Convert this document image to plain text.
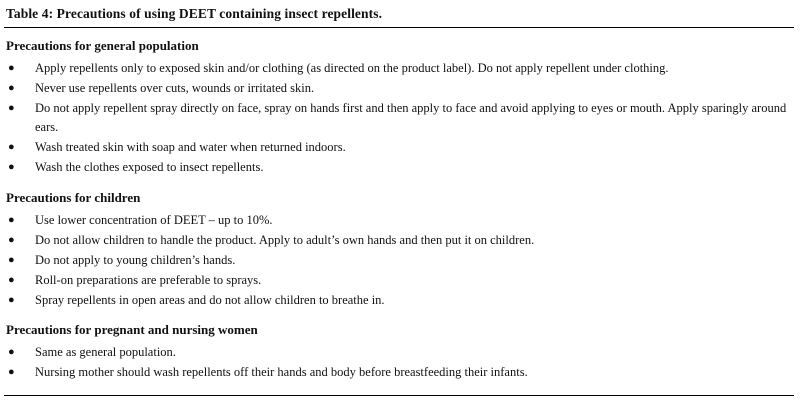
Table 4: Precautions of using DEET containing insect repellents.
Precautions for general population
● Apply repellents only to exposed skin and/or clothing (as directed on the product label). Do not apply repellent under clothing.
● Never use repellents over cuts, wounds or irritated skin.
● Do not apply repellent spray directly on face, spray on hands first and then apply to face and avoid applying to eyes or mouth. Apply sparingly around ears.
● Wash treated skin with soap and water when returned indoors.
● Wash the clothes exposed to insect repellents.
Precautions for children
● Use lower concentration of DEET – up to 10%.
● Do not allow children to handle the product. Apply to adult’s own hands and then put it on children.
● Do not apply to young children’s hands.
● Roll-on preparations are preferable to sprays.
● Spray repellents in open areas and do not allow children to breathe in.
Precautions for pregnant and nursing women
● Same as general population.
● Nursing mother should wash repellents off their hands and body before breastfeeding their infants.
